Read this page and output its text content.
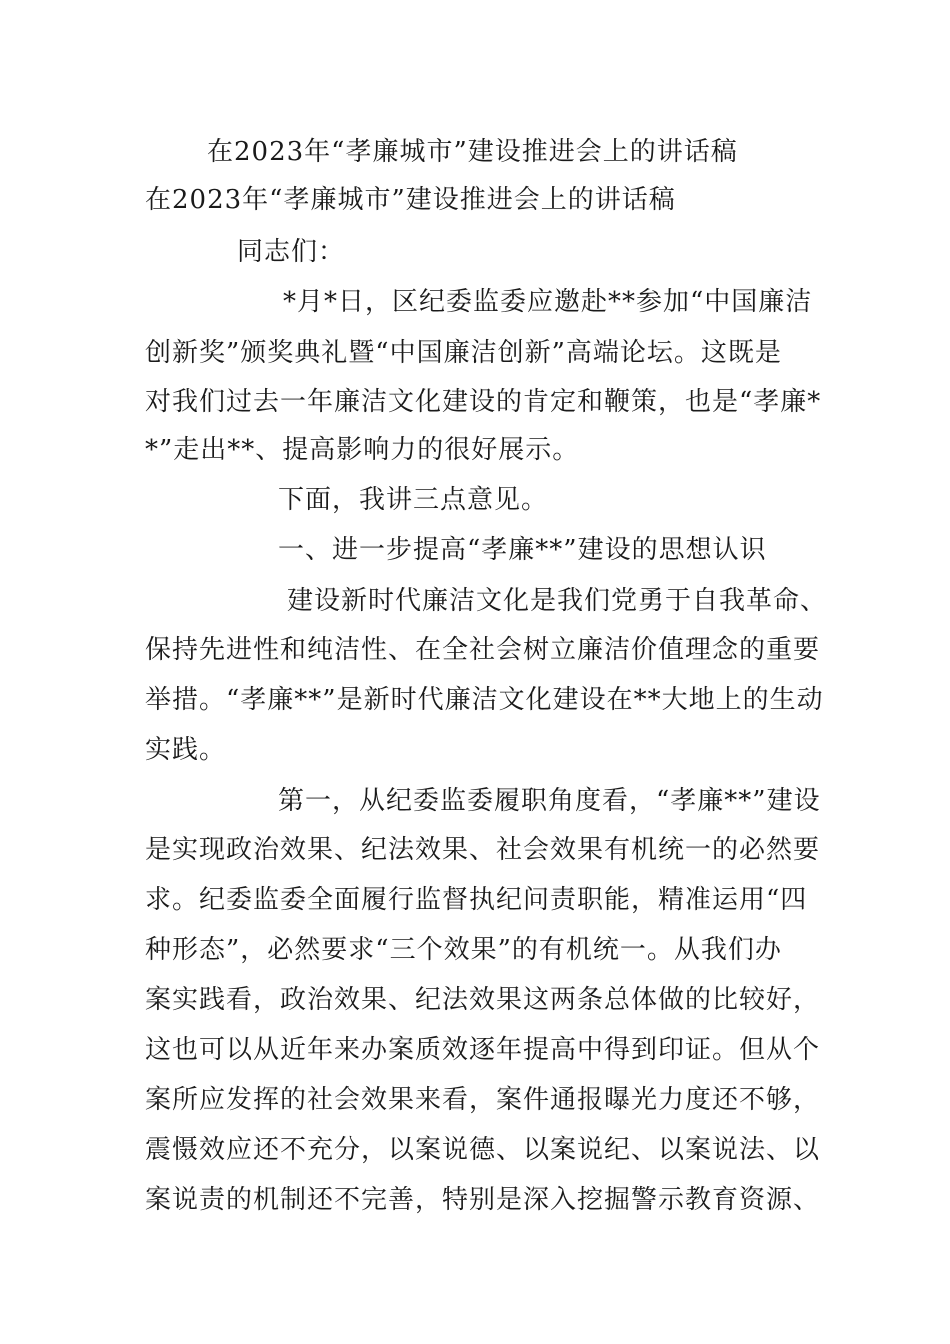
在2023年“孝廉城市”建设推进会上的讲话稿
在2023年“孝廉城市”建设推进会上的讲话稿
同志们：
*月*日，区纪委监委应邀赴**参加“中国廉洁
创新奖”颁奖典礼暨“中国廉洁创新”高端论坛。这既是
对我们过去一年廉洁文化建设的肯定和鞭策，也是“孝廉*
*”走出**、提高影响力的很好展示。
下面，我讲三点意见。
一、进一步提高“孝廉**”建设的思想认识
建设新时代廉洁文化是我们党勇于自我革命、
保持先进性和纯洁性、在全社会树立廉洁价值理念的重要
举措。“孝廉**”是新时代廉洁文化建设在**大地上的生动
实践。
第一，从纪委监委履职角度看，“孝廉**”建设
是实现政治效果、纪法效果、社会效果有机统一的必然要
求。纪委监委全面履行监督执纪问责职能，精准运用“四
种形态”，必然要求“三个效果”的有机统一。从我们办
案实践看，政治效果、纪法效果这两条总体做的比较好，
这也可以从近年来办案质效逐年提高中得到印证。但从个
案所应发挥的社会效果来看，案件通报曝光力度还不够，
震慑效应还不充分，以案说德、以案说纪、以案说法、以
案说责的机制还不完善，特别是深入挖掘警示教育资源、
